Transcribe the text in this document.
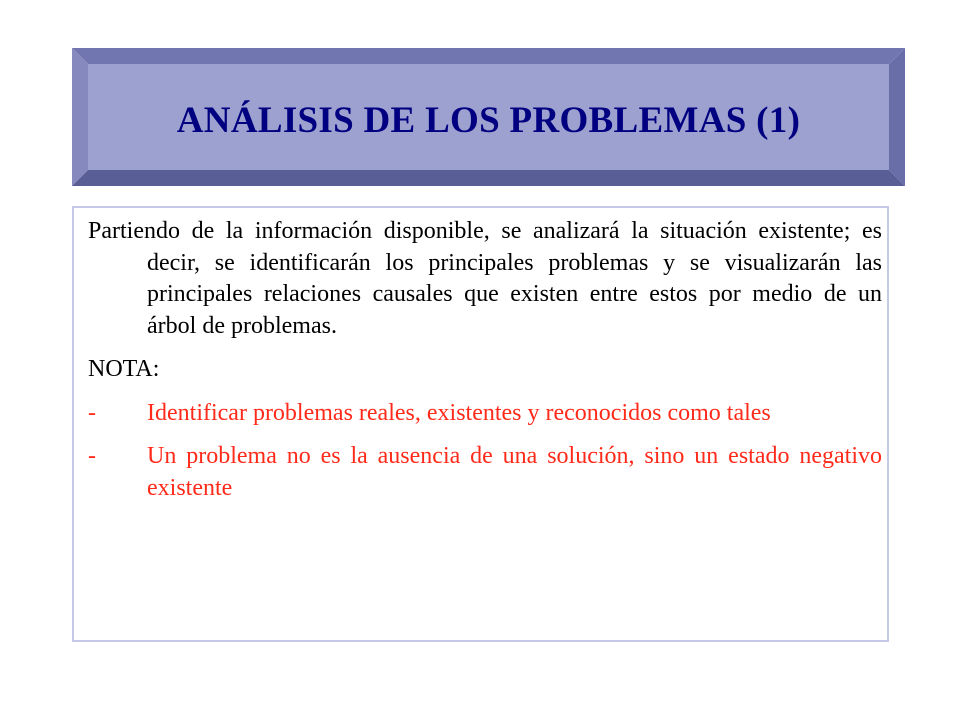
ANÁLISIS DE LOS PROBLEMAS (1)

Partiendo de la información disponible, se analizará la situación existente; es decir, se identificarán los principales problemas y se visualizarán las principales relaciones causales que existen entre estos por medio de un árbol de problemas.

NOTA:

-	Identificar problemas reales, existentes y reconocidos como tales
-	Un problema no es la ausencia de una solución, sino un estado negativo existente
